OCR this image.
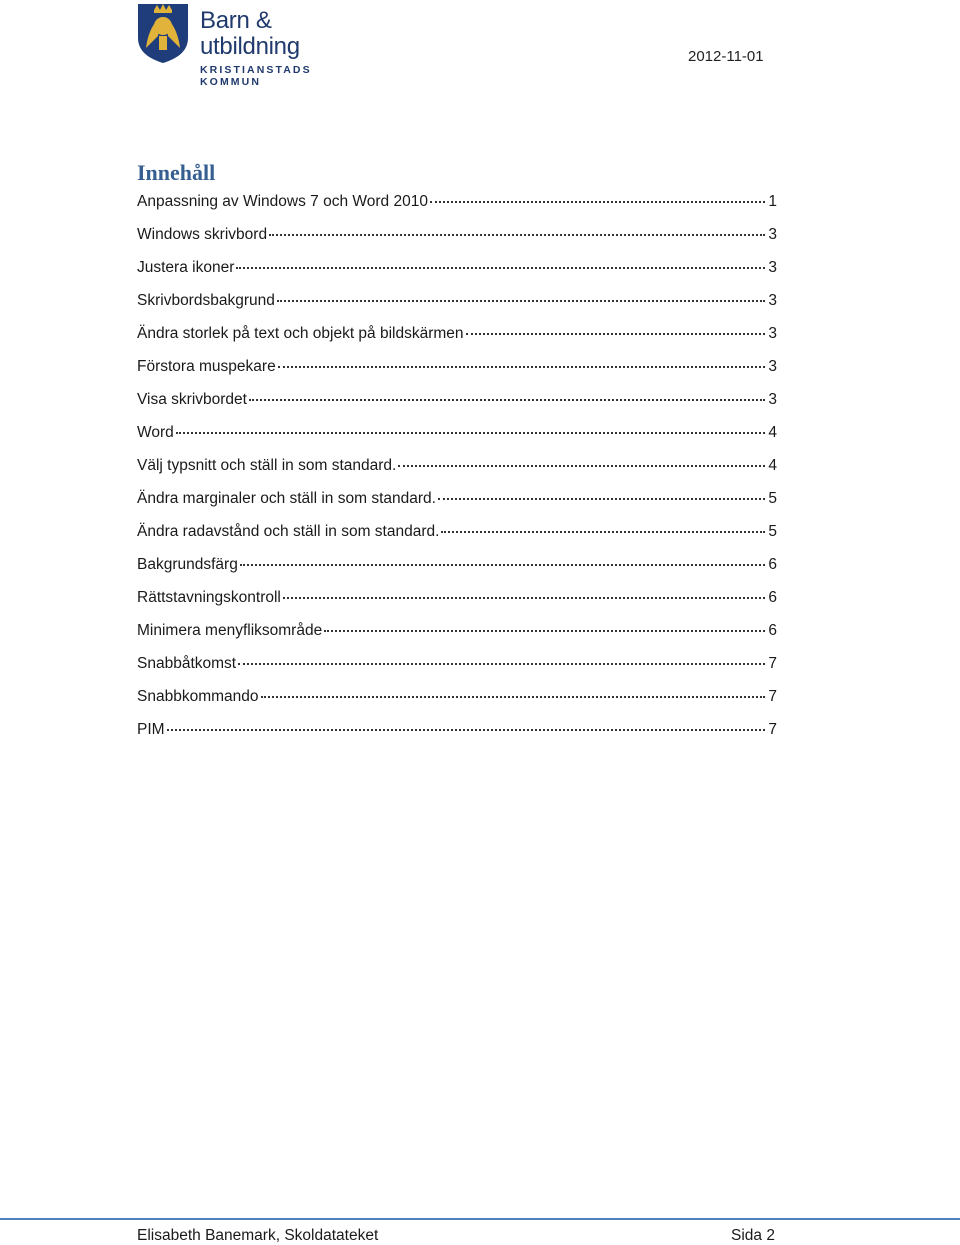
Barn & utbildning
KRISTIANSTADS KOMMUN
2012-11-01
Innehåll
Anpassning av Windows 7 och Word 2010	1
Windows skrivbord	3
Justera ikoner	3
Skrivbordsbakgrund	3
Ändra storlek på text och objekt på bildskärmen	3
Förstora muspekare	3
Visa skrivbordet	3
Word	4
Välj typsnitt och ställ in som standard.	4
Ändra marginaler och ställ in som standard.	5
Ändra radavstånd och ställ in som standard.	5
Bakgrundsfärg	6
Rättstavningskontroll	6
Minimera menyfliksområde	6
Snabbåtkomst	7
Snabbkommando	7
PIM	7
Elisabeth Banemark, Skoldatateket	Sida 2
